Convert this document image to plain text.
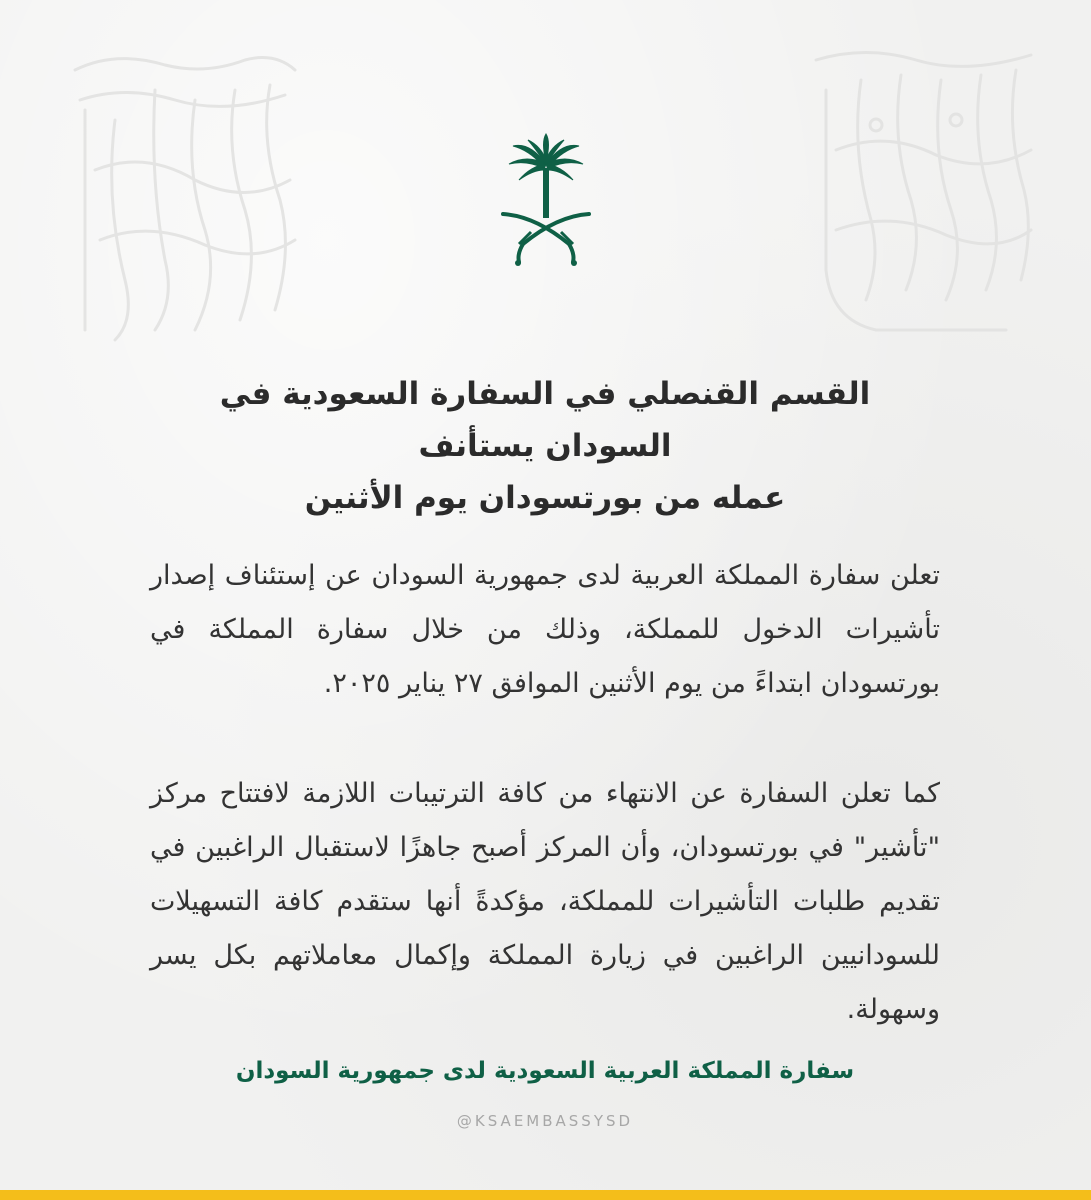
القسم القنصلي في السفارة السعودية في السودان يستأنف
عمله من بورتسودان يوم الأثنين

تعلن سفارة المملكة العربية لدى جمهورية السودان عن إستئناف إصدار تأشيرات الدخول للمملكة، وذلك من خلال سفارة المملكة في بورتسودان ابتداءً من يوم الأثنين الموافق ٢٧ يناير ٢٠٢٥.

كما تعلن السفارة عن الانتهاء من كافة الترتيبات اللازمة لافتتاح مركز "تأشير" في بورتسودان، وأن المركز أصبح جاهزًا لاستقبال الراغبين في تقديم طلبات التأشيرات للمملكة، مؤكدةً أنها ستقدم كافة التسهيلات للسودانيين الراغبين في زيارة المملكة وإكمال معاملاتهم بكل يسر وسهولة.

سفارة المملكة العربية السعودية لدى جمهورية السودان
@KSAEMBASSYSD
